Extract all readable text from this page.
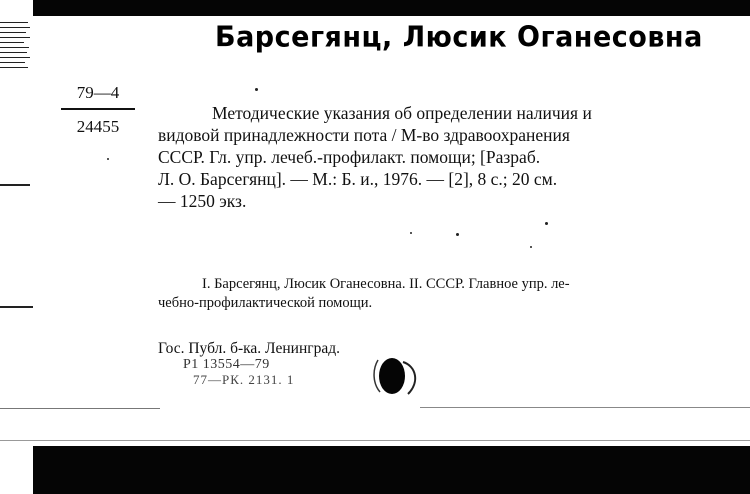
Барсегянц, Люсик Оганесовна
79—4
24455
Методические указания об определении наличия и
видовой принадлежности пота / М-во здравоохранения
СССР. Гл. упр. лечеб.-профилакт. помощи; [Разраб.
Л. О. Барсегянц]. — М.: Б. и., 1976. — [2], 8 с.; 20 см.
— 1250 экз.
I. Барсегянц, Люсик Оганесовна. II. СССР. Главное упр. ле-
чебно-профилактической помощи.
Гос. Публ. б-ка. Ленинград.
Р1 13554—79
77—РК. 2131. 1
